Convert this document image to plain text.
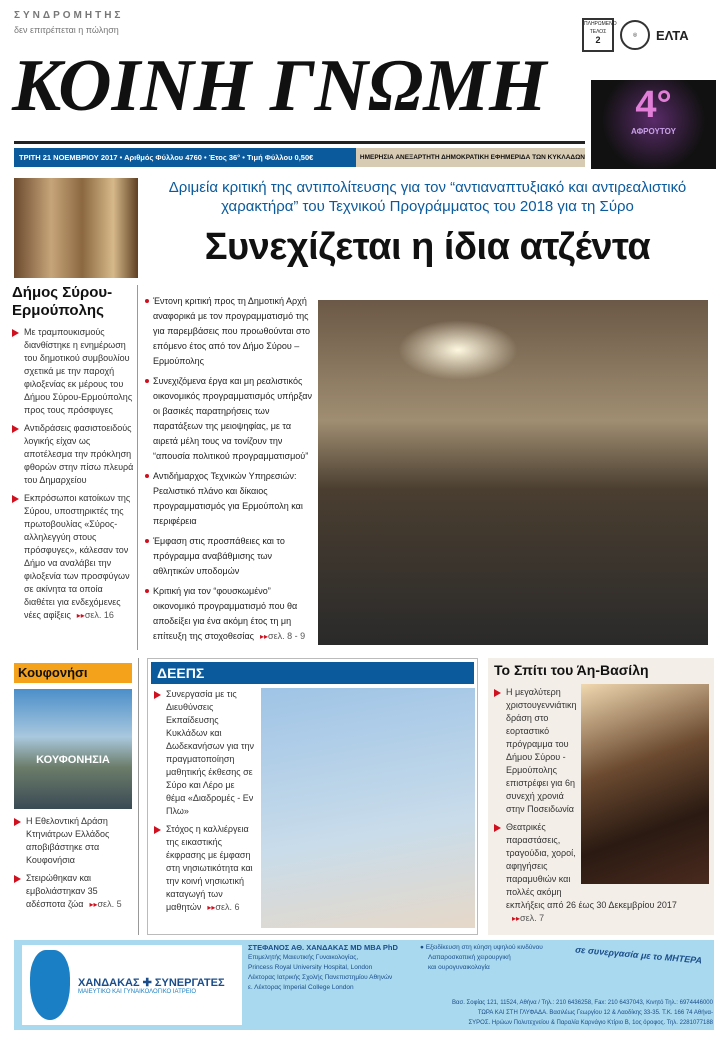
ΣΥΝΔΡΟΜΗΤΗΣ
δεν επιτρέπεται η πώληση
ΚΟΙΝΗ ΓΝΩΜΗ
ΤΡΙΤΗ 21 ΝΟΕΜΒΡΙΟΥ 2017 • Αριθμός Φύλλου 4760 • Έτος 36° • Τιμή Φύλλου 0,50€	ΗΜΕΡΗΣΙΑ ΑΝΕΞΑΡΤΗΤΗ ΔΗΜΟΚΡΑΤΙΚΗ ΕΦΗΜΕΡΙΔΑ ΤΩΝ ΚΥΚΛΑΔΩΝ
ΠΛΗΡΩΜΕΝΟ ΤΕΛΟΣ
2	◎	ΕΛΤΑ
4°
ΑΦΡΟΥΤΟΥ
Δριμεία κριτική της αντιπολίτευσης για τον “αντιαναπτυξιακό και αντιρεαλιστικό χαρακτήρα” του Τεχνικού Προγράμματος του 2018 για τη Σύρο
Συνεχίζεται η ίδια ατζέντα
Δήμος Σύρου-Ερμούπολης
Με τραμπουκισμούς διανθίστηκε η ενημέρωση του δημοτικού συμβουλίου σχετικά με την παροχή φιλοξενίας εκ μέρους του Δήμου Σύρου-Ερμούπολης προς τους πρόσφυγες
Αντιδράσεις φασιστοειδούς λογικής είχαν ως αποτέλεσμα την πρόκληση φθορών στην πίσω πλευρά του Δημαρχείου
Εκπρόσωποι κατοίκων της Σύρου, υποστηρικτές της πρωτοβουλίας «Σύρος-αλληλεγγύη στους πρόσφυγες», κάλεσαν τον Δήμο να αναλάβει την φιλοξενία των προσφύγων σε ακίνητα τα οποία διαθέτει για ενδεχόμενες νέες αφίξεις ▸▸ σελ. 16
Έντονη κριτική προς τη Δημοτική Αρχή αναφορικά με τον προγραμματισμό της για παρεμβάσεις που προωθούνται στο επόμενο έτος από τον Δήμο Σύρου – Ερμούπολης
Συνεχιζόμενα έργα και μη ρεαλιστικός οικονομικός προγραμματισμός υπήρξαν οι βασικές παρατηρήσεις των παρατάξεων της μειοψηφίας, με τα αιρετά μέλη τους να τονίζουν την “απουσία πολιτικού προγραμματισμού”
Αντιδήμαρχος Τεχνικών Υπηρεσιών: Ρεαλιστικό πλάνο και δίκαιος προγραμματισμός για Ερμούπολη και περιφέρεια
Έμφαση στις προσπάθειες και το πρόγραμμα αναβάθμισης των αθλητικών υποδομών
Κριτική για τον “φουσκωμένο” οικονομικό προγραμματισμό που θα αποδείξει για ένα ακόμη έτος τη μη επίτευξη της στοχοθεσίας ▸▸ σελ. 8 - 9
Κουφονήσι
ΚΟΥΦΟΝΗΣΙΑ
Η Εθελοντική Δράση Κτηνιάτρων Ελλάδος αποβιβάστηκε στα Κουφονήσια
Στειρώθηκαν και εμβολιάστηκαν 35 αδέσποτα ζώα ▸▸ σελ. 5
ΔΕΕΠΣ
Συνεργασία με τις Διευθύνσεις Εκπαίδευσης Κυκλάδων και Δωδεκανήσων για την πραγματοποίηση μαθητικής έκθεσης σε Σύρο και Λέρο με θέμα «Διαδρομές - Εν Πλω»
Στόχος η καλλιέργεια της εικαστικής έκφρασης με έμφαση στη νησιωτικότητα και την κοινή νησιωτική καταγωγή των μαθητών ▸▸ σελ. 6
Το Σπίτι του Άη-Βασίλη
Η μεγαλύτερη χριστουγεννιάτικη δράση στο εορταστικό πρόγραμμα του Δήμου Σύρου - Ερμούπολης επιστρέφει για 6η συνεχή χρονιά στην Ποσειδωνία
Θεατρικές παραστάσεις, τραγούδια, χοροί, αφηγήσεις παραμυθιών και πολλές ακόμη εκπλήξεις από 26 έως 30 Δεκεμβρίου 2017▸▸ σελ. 7
ΧΑΝΔΑΚΑΣ ✚ ΣΥΝΕΡΓΑΤΕΣ
ΜΑΙΕΥΤΙΚΟ ΚΑΙ ΓΥΝΑΙΚΟΛΟΓΙΚΟ ΙΑΤΡΕΙΟ
ΣΤΕΦΑΝΟΣ ΑΘ. ΧΑΝΔΑΚΑΣ MD MBA PhD
Επιμελητής Μαιευτικής Γυναικολογίας,
Princess Royal University Hospital, London
Λέκτορας Ιατρικής Σχολής Πανεπιστημίου Αθηνών
ε. Λέκτορας Imperial College London
● Εξειδίκευση στη κύηση υψηλού κινδύνου
Λαπαροσκοπική χειρουργική
και ουρογυναικολογία
σε συνεργασία με το ΜΗΤΕΡΑ
Βασ. Σοφίας 121, 11524, Αθήνα / Τηλ.: 210 6436258, Fax: 210 6437043, Κινητό Τηλ.: 6974446000
ΤΩΡΑ ΚΑΙ ΣΤΗ ΓΛΥΦΑΔΑ. Βασιλέως Γεωργίου 12 & Λαοδίκης 33-35. Τ.Κ. 166 74 Αθήνα-
ΣΥΡΟΣ. Ηρώων Πολυτεχνείου & Παραλία Καρνάγιο Κτίριο Β, 1ος όροφος. Τηλ. 2281077188
